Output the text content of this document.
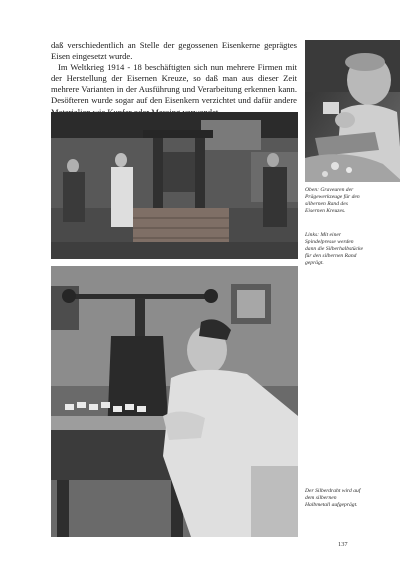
daß verschiedentlich an Stelle der gegossenen Eisenkerne geprägtes Eisen eingesetzt wurde.

Im Weltkrieg 1914 - 18 beschäftigten sich nun mehrere Firmen mit der Herstellung der Eisernen Kreuze, so daß man aus dieser Zeit mehrere Varianten in der Ausführung und Verarbeitung erkennen kann. Desöfteren wurde sogar auf den Eisenkern verzichtet und dafür andere

Oben: Graveuren der Prägewerkzeuge für den silbernen Rand des Eisernen Kreuzes.
Links: Mit einer Spindelpresse werden dann die Silberhalbstücke für den silbernen Rand geprägt.
Der Silberdraht wird auf dem silbernen Halbmetall aufgeprägt.
137
